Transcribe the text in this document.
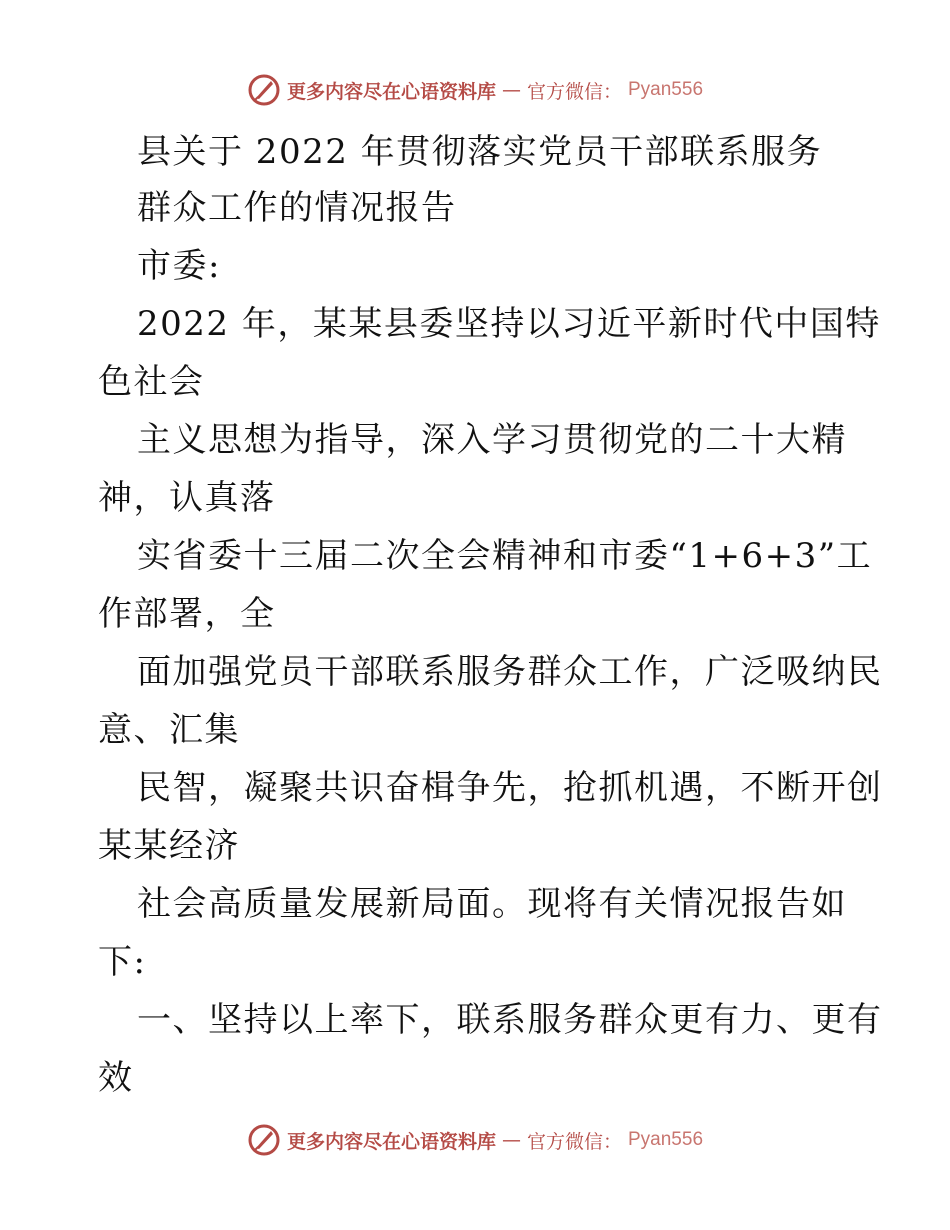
更多内容尽在心语资料库 — 官方微信： Pyan556
县关于 2022 年贯彻落实党员干部联系服务
群众工作的情况报告
市委:
2022 年，某某县委坚持以习近平新时代中国特
色社会
主义思想为指导，深入学习贯彻党的二十大精
神，认真落
实省委十三届二次全会精神和市委“1+6+3”工
作部署，全
面加强党员干部联系服务群众工作，广泛吸纳民
意、汇集
民智，凝聚共识奋楫争先，抢抓机遇，不断开创
某某经济
社会高质量发展新局面。现将有关情况报告如
下:
一、坚持以上率下，联系服务群众更有力、更有
效
更多内容尽在心语资料库 — 官方微信： Pyan556
